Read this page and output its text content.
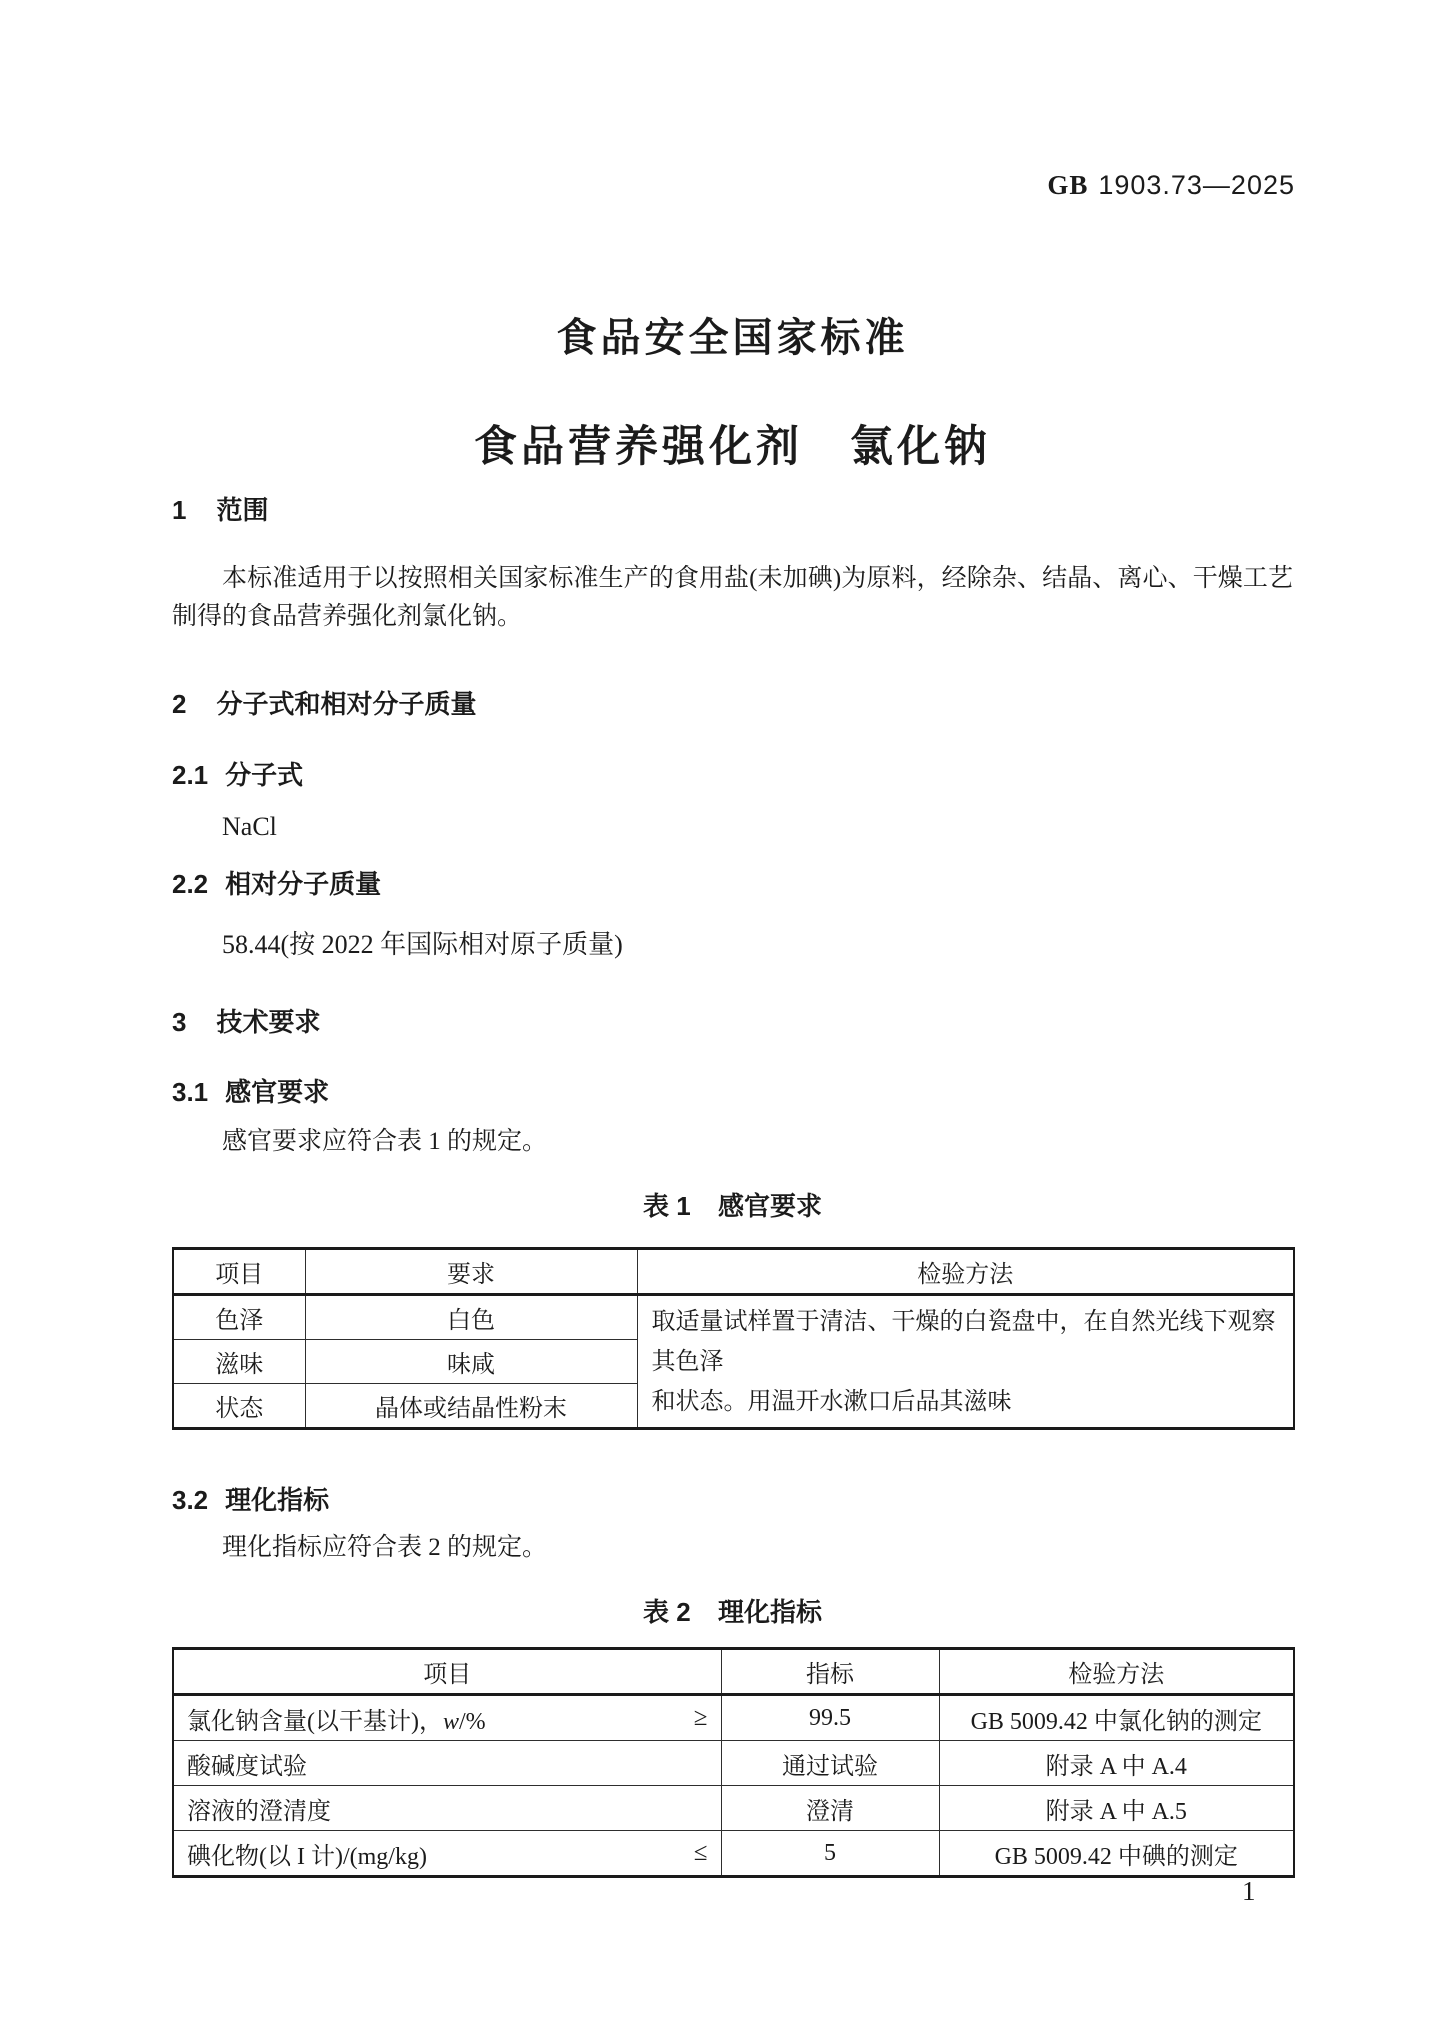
GB 1903.73—2025
食品安全国家标准
食品营养强化剂　氯化钠
1 范围
本标准适用于以按照相关国家标准生产的食用盐(未加碘)为原料，经除杂、结晶、离心、干燥工艺制得的食品营养强化剂氯化钠。
2 分子式和相对分子质量
2.1 分子式
NaCl
2.2 相对分子质量
58.44(按 2022 年国际相对原子质量)
3 技术要求
3.1 感官要求
感官要求应符合表 1 的规定。
表 1 感官要求
项目	要求	检验方法
色泽	白色	取适量试样置于清洁、干燥的白瓷盘中，在自然光线下观察其色泽
和状态。用温开水漱口后品其滋味

滋味	味咸	
状态	晶体或结晶性粉末	
3.2 理化指标
理化指标应符合表 2 的规定。
表 2 理化指标
项目	指标	检验方法

氯化钠含量(以干基计)，w/% ≥	99.5	GB 5009.42 中氯化钠的测定

酸碱度试验	通过试验	附录 A 中 A.4

溶液的澄清度	澄清	附录 A 中 A.5

碘化物(以 I 计)/(mg/kg) ≤	5	GB 5009.42 中碘的测定
1
